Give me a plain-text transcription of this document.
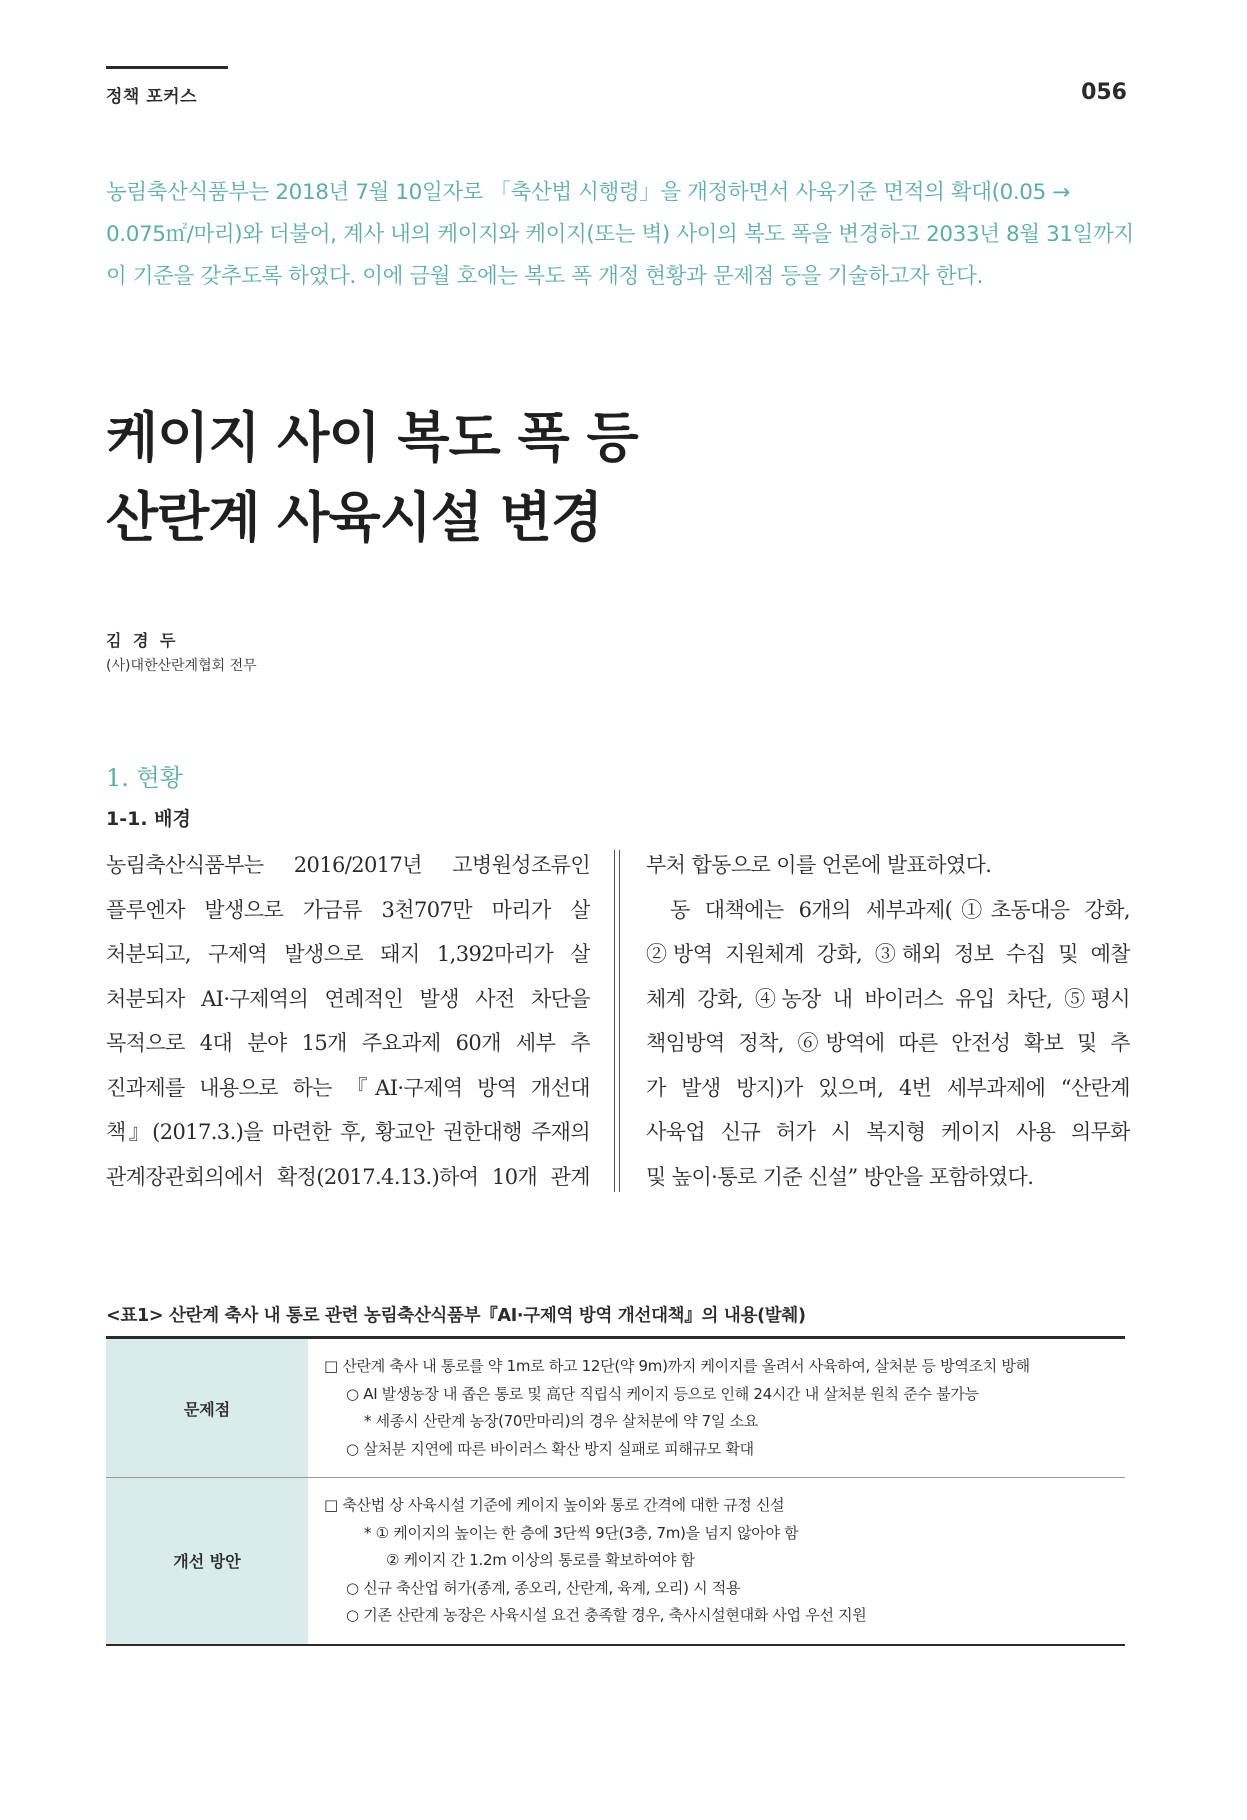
정책 포커스	056

농림축산식품부는 2018년 7월 10일자로 「축산법 시행령」을 개정하면서 사육기준 면적의 확대(0.05 →

0.075㎡/마리)와 더불어, 계사 내의 케이지와 케이지(또는 벽) 사이의 복도 폭을 변경하고 2033년 8월 31일까지

이 기준을 갖추도록 하였다. 이에 금월 호에는 복도 폭 개정 현황과 문제점 등을 기술하고자 한다.

케이지 사이 복도 폭 등
산란계 사육시설 변경
김 경 두
(사)대한산란계협회 전무
1. 현황
1-1. 배경

농림축산식품부는 2016/2017년 고병원성조류인

플루엔자 발생으로 가금류 3천707만 마리가 살

처분되고, 구제역 발생으로 돼지 1,392마리가 살

처분되자 AI·구제역의 연례적인 발생 사전 차단을

목적으로 4대 분야 15개 주요과제 60개 세부 추

진과제를 내용으로 하는 『AI·구제역 방역 개선대

책』(2017.3.)을 마련한 후, 황교안 권한대행 주재의

관계장관회의에서 확정(2017.4.13.)하여 10개 관계

부처 합동으로 이를 언론에 발표하였다.

동 대책에는 6개의 세부과제(①초동대응 강화,

②방역 지원체계 강화, ③해외 정보 수집 및 예찰

체계 강화, ④농장 내 바이러스 유입 차단, ⑤평시

책임방역 정착, ⑥방역에 따른 안전성 확보 및 추

가 발생 방지)가 있으며, 4번 세부과제에 “산란계

사육업 신규 허가 시 복지형 케이지 사용 의무화

및 높이·통로 기준 신설” 방안을 포함하였다.

<표1> 산란계 축사 내 통로 관련 농림축산식품부『AI·구제역 방역 개선대책』의 내용(발췌)
문제점
□ 산란계 축사 내 통로를 약 1m로 하고 12단(약 9m)까지 케이지를 올려서 사육하여, 살처분 등 방역조치 방해
○ AI 발생농장 내 좁은 통로 및 高단 직립식 케이지 등으로 인해 24시간 내 살처분 원칙 준수 불가능
* 세종시 산란계 농장(70만마리)의 경우 살처분에 약 7일 소요
○ 살처분 지연에 따른 바이러스 확산 방지 실패로 피해규모 확대
개선 방안
□ 축산법 상 사육시설 기준에 케이지 높이와 통로 간격에 대한 규정 신설
* ① 케이지의 높이는 한 층에 3단씩 9단(3층, 7m)을 넘지 않아야 함
② 케이지 간 1.2m 이상의 통로를 확보하여야 함
○ 신규 축산업 허가(종계, 종오리, 산란계, 육계, 오리) 시 적용
○ 기존 산란계 농장은 사육시설 요건 충족할 경우, 축사시설현대화 사업 우선 지원
